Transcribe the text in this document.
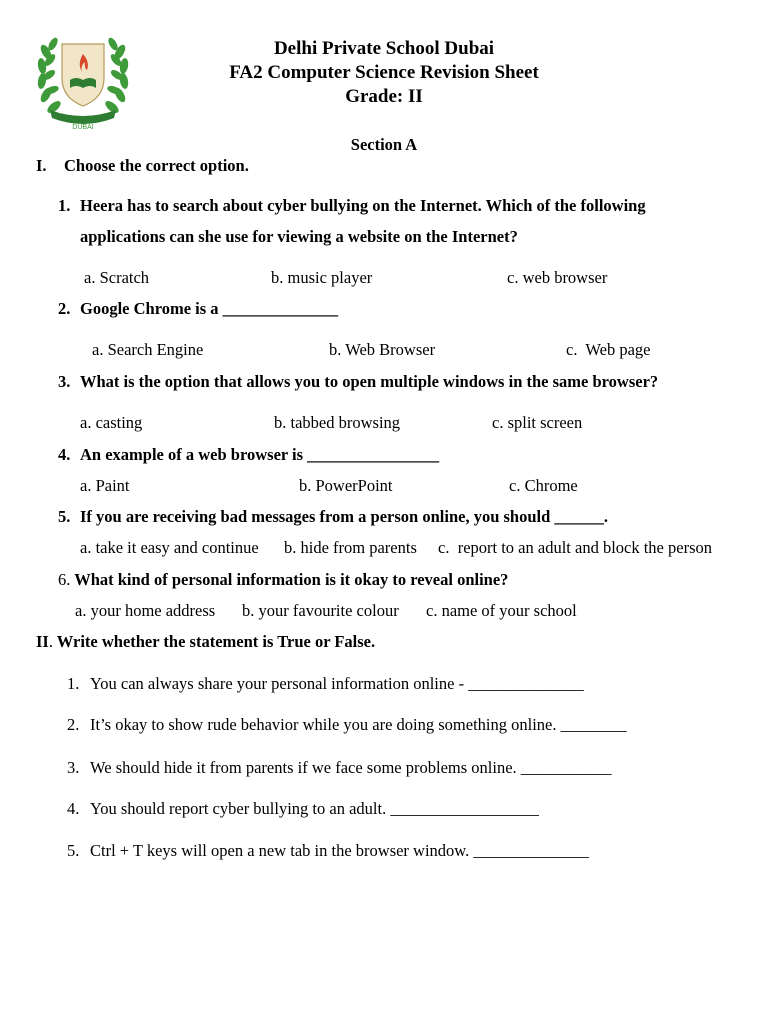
DELHI PRIVATE SCHOOL
DUBAI
Delhi Private School Dubai
FA2 Computer Science Revision Sheet
Grade: II
Section A
I. Choose the correct option.
1. Heera has to search about cyber bullying on the Internet. Which of the following
applications can she use for viewing a website on the Internet?
a. Scratch	b. music player	c. web browser
2. Google Chrome is a ______________
a. Search Engine	b. Web Browser	c.  Web page
3. What is the option that allows you to open multiple windows in the same browser?
a. casting	b. tabbed browsing	c. split screen
4. An example of a web browser is ________________
a. Paint	b. PowerPoint	c. Chrome
5. If you are receiving bad messages from a person online, you should ______.
a. take it easy and continue b. hide from parents c.  report to an adult and block the person
6. What kind of personal information is it okay to reveal online?
a. your home address b. your favourite colour c. name of your school
II. Write whether the statement is True or False.
1. You can always share your personal information online - ______________
2. It’s okay to show rude behavior while you are doing something online. ________
3. We should hide it from parents if we face some problems online. ___________
4. You should report cyber bullying to an adult. __________________
5. Ctrl + T keys will open a new tab in the browser window. ______________
